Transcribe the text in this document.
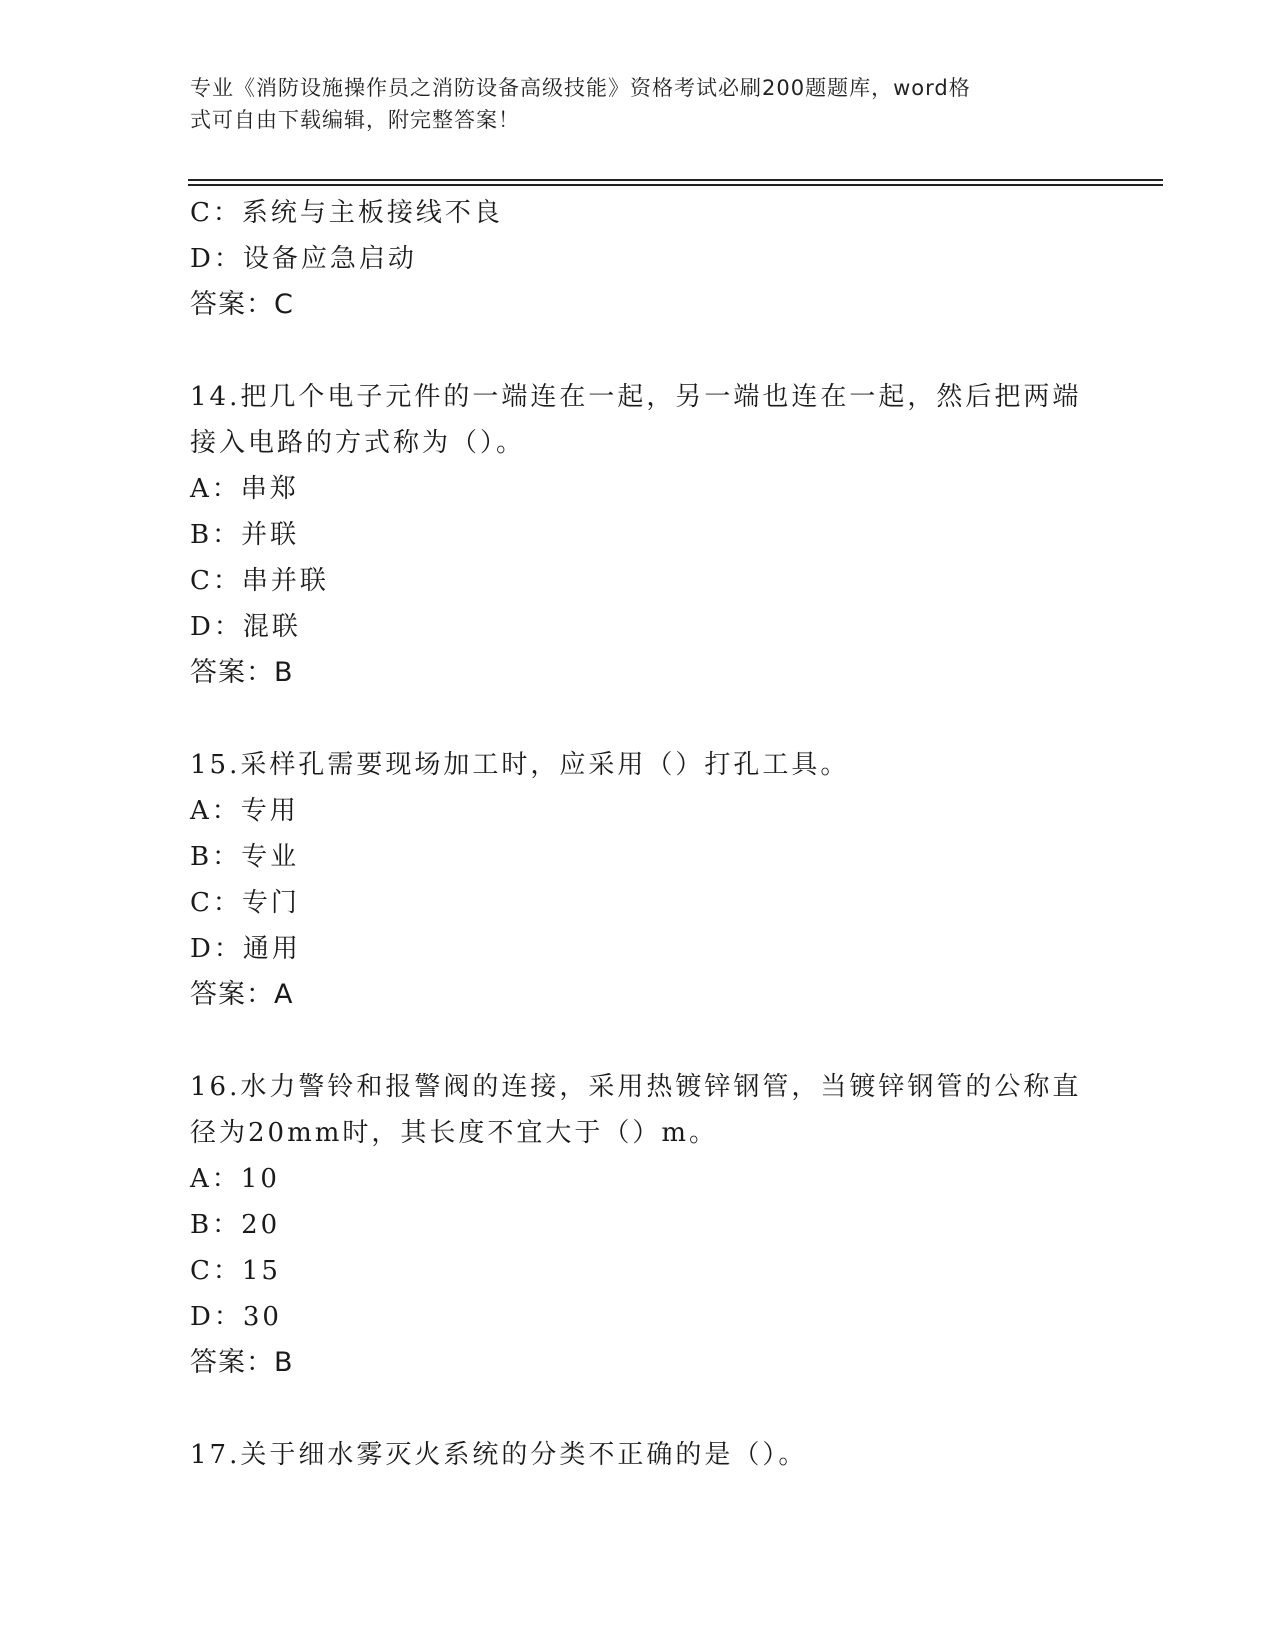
专业《消防设施操作员之消防设备高级技能》资格考试必刷200题题库，word格
式可自由下载编辑，附完整答案！
C：系统与主板接线不良
D：设备应急启动
答案：C
14.把几个电子元件的一端连在一起，另一端也连在一起，然后把两端
接入电路的方式称为（）。
A：串郑
B：并联
C：串并联
D：混联
答案：B
15.采样孔需要现场加工时，应采用（）打孔工具。
A：专用
B：专业
C：专门
D：通用
答案：A
16.水力警铃和报警阀的连接，采用热镀锌钢管，当镀锌钢管的公称直
径为20mm时，其长度不宜大于（）m。
A：10
B：20
C：15
D：30
答案：B
17.关于细水雾灭火系统的分类不正确的是（）。
